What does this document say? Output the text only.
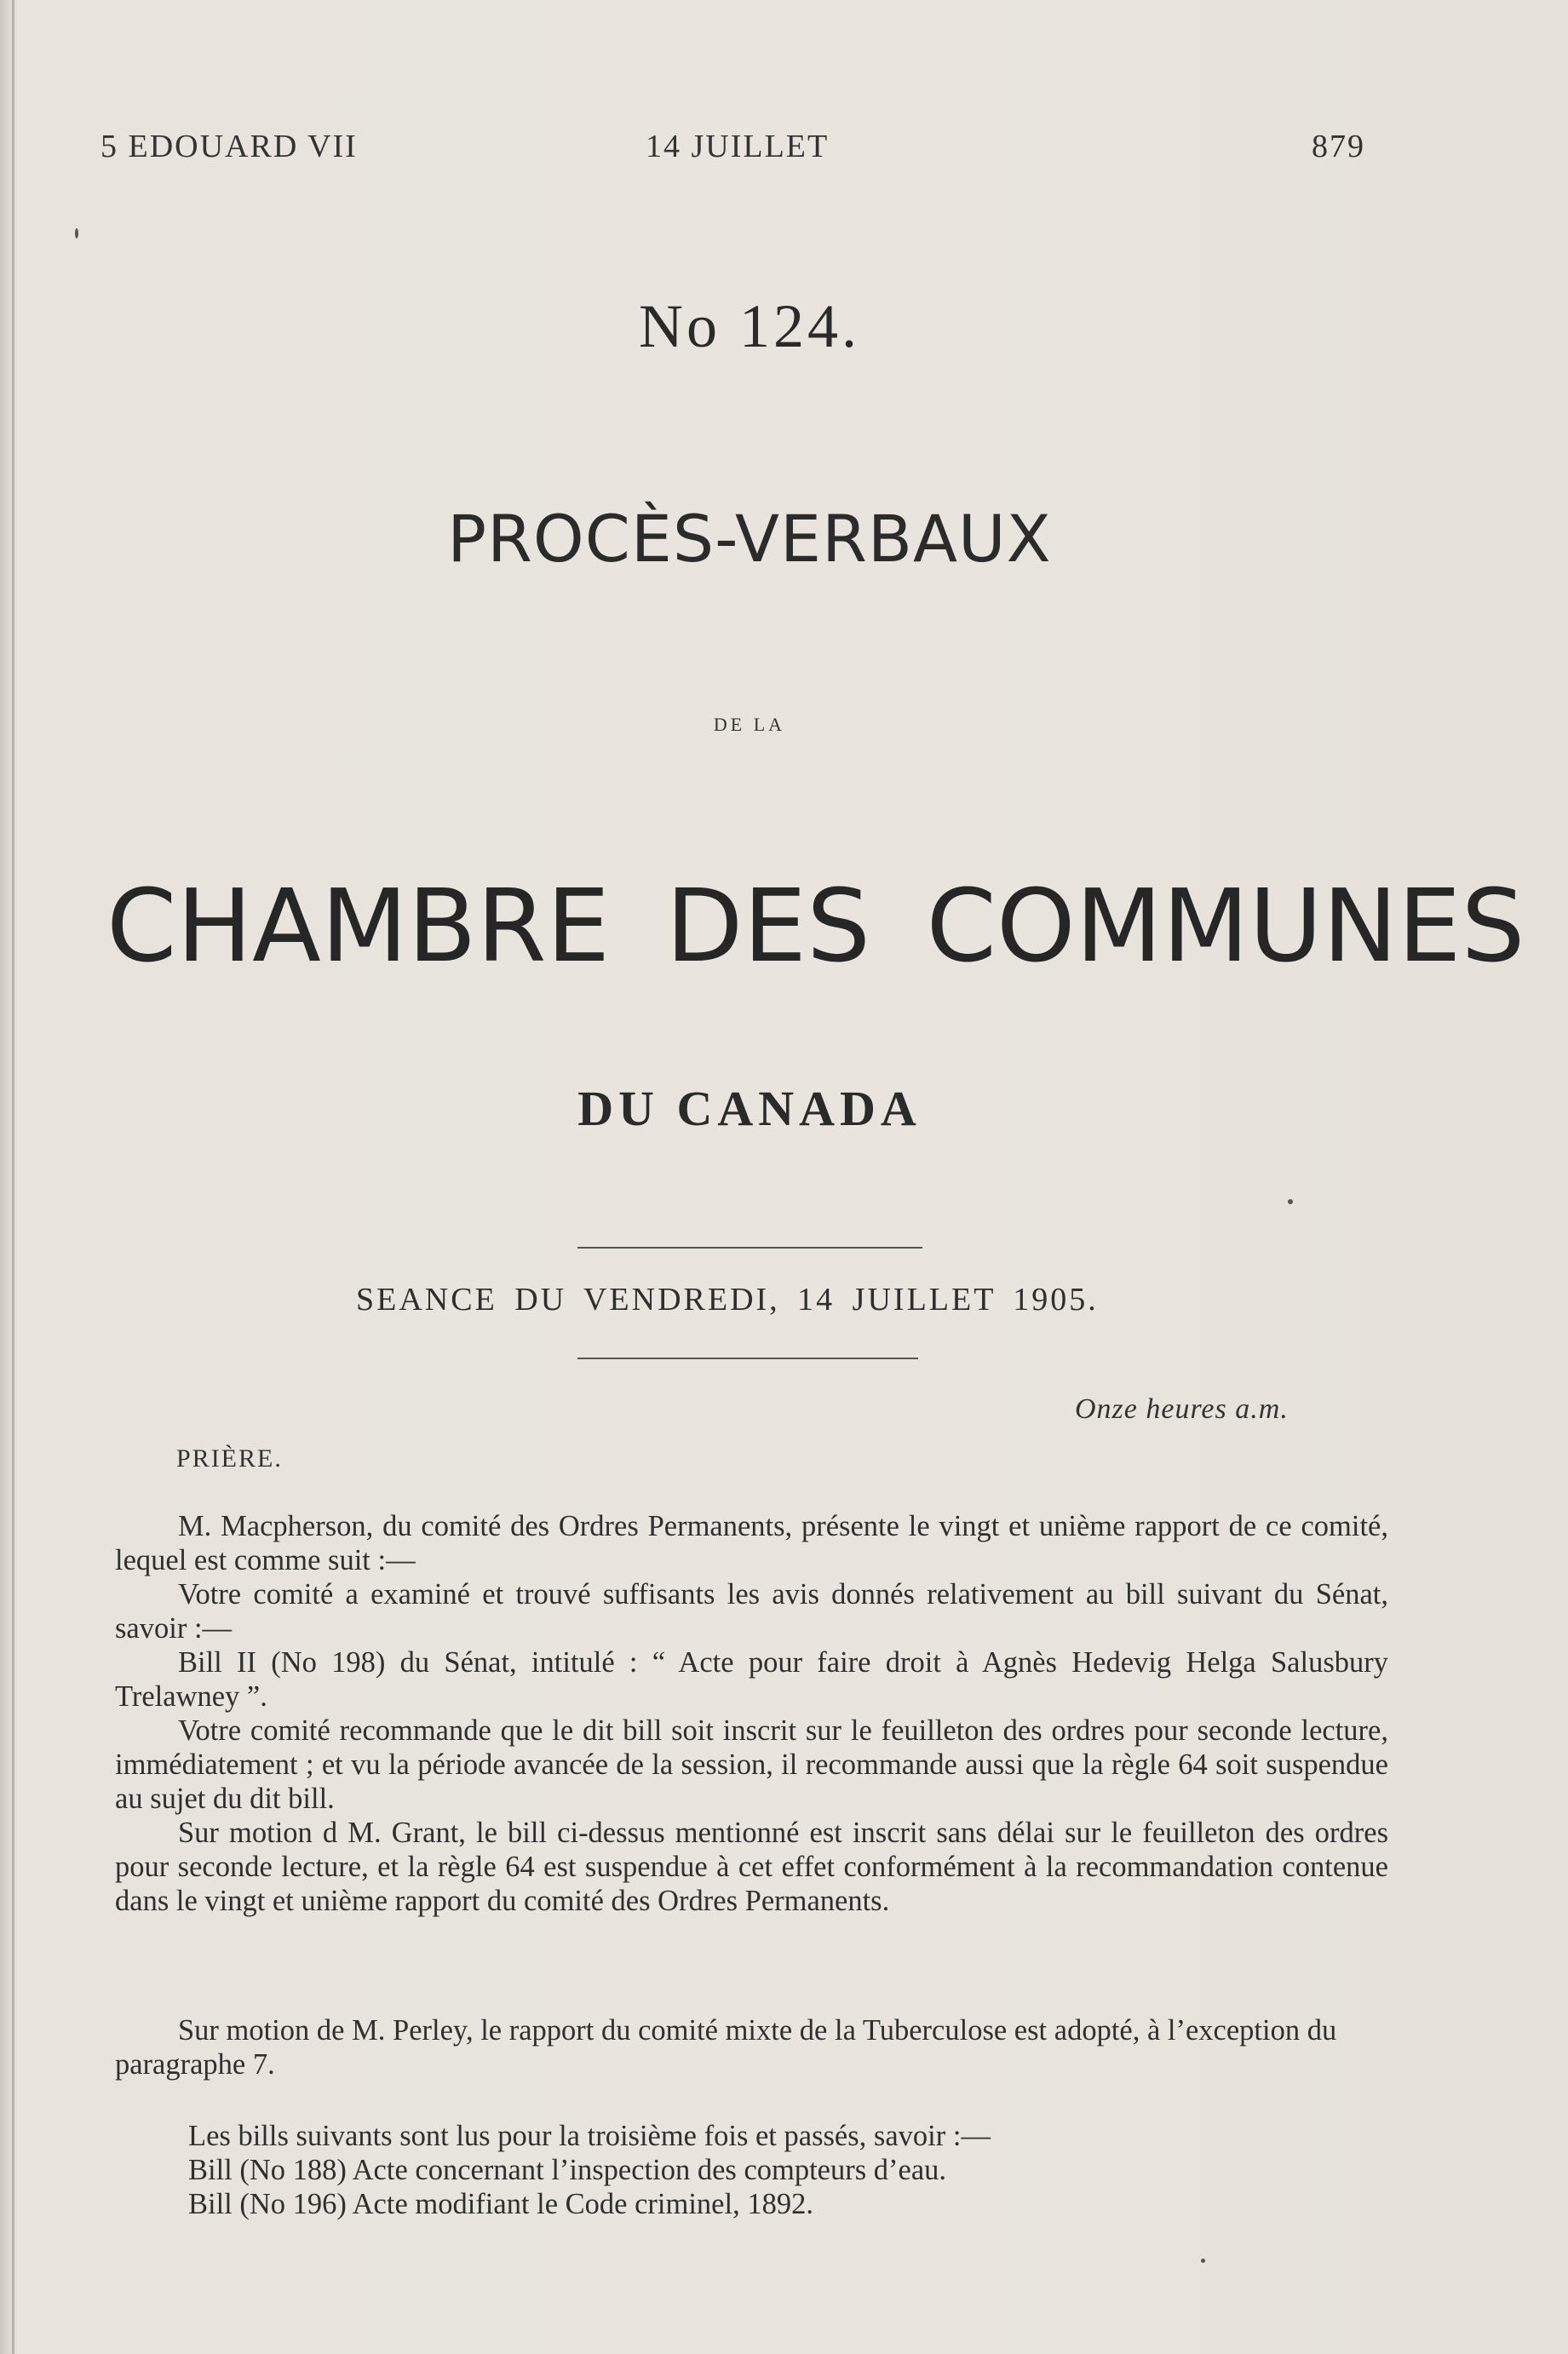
5 EDOUARD VII	14 JUILLET	879
No 124.
PROCÈS-VERBAUX
DE LA
CHAMBRE DES COMMUNES
DU CANADA
SEANCE DU VENDREDI, 14 JUILLET 1905.
Onze heures a.m.
PRIÈRE.

M. Macpherson, du comité des Ordres Permanents, présente le vingt et unième rapport de ce comité, lequel est comme suit :—

Votre comité a examiné et trouvé suffisants les avis donnés relativement au bill suivant du Sénat, savoir :—

Bill II (No 198) du Sénat, intitulé : “ Acte pour faire droit à Agnès Hedevig Helga Salusbury Trelawney ”.

Votre comité recommande que le dit bill soit inscrit sur le feuilleton des ordres pour seconde lecture, immédiatement ; et vu la période avancée de la session, il recommande aussi que la règle 64 soit suspendue au sujet du dit bill.

Sur motion d M. Grant, le bill ci-dessus mentionné est inscrit sans délai sur le feuilleton des ordres pour seconde lecture, et la règle 64 est suspendue à cet effet conformément à la recommandation contenue dans le vingt et unième rapport du comité des Ordres Permanents.

Sur motion de M. Perley, le rapport du comité mixte de la Tuberculose est adopté, à l’exception du paragraphe 7.

Les bills suivants sont lus pour la troisième fois et passés, savoir :—

Bill (No 188) Acte concernant l’inspection des compteurs d’eau.

Bill (No 196) Acte modifiant le Code criminel, 1892.
